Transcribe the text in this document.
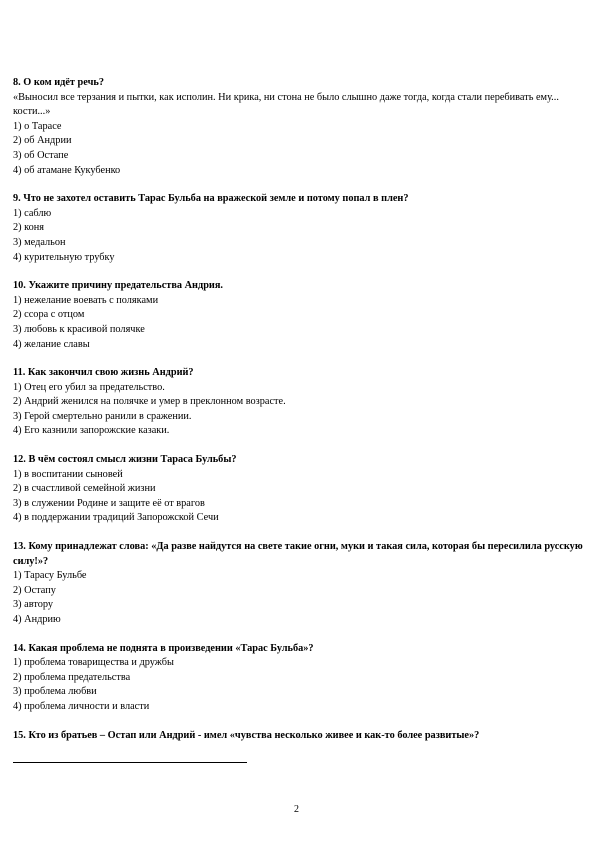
8. О ком идёт речь?

«Выносил все терзания и пытки, как исполин. Ни крика, ни стона не было слышно даже тогда, когда стали перебивать ему... кости...»

1) о Тарасе
2) об Андрии
3) об Остапе
4) об атамане Кукубенко

9. Что не захотел оставить Тарас Бульба на вражеской земле и потому попал в плен?

1) саблю
2) коня
3) медальон
4) курительную трубку

10. Укажите причину предательства Андрия.

1) нежелание воевать с поляками
2) ссора с отцом
3) любовь к красивой полячке
4) желание славы

11. Как закончил свою жизнь Андрий?

1) Отец его убил за предательство.
2) Андрий женился на полячке и умер в преклонном возрасте.
3) Герой смертельно ранили в сражении.
4) Его казнили запорожские казаки.

12. В чём состоял смысл жизни Тараса Бульбы?

1) в воспитании сыновей
2) в счастливой семейной жизни
3) в служении Родине и защите её от врагов
4) в поддержании традиций Запорожской Сечи

13. Кому принадлежат слова: «Да разве найдутся на свете такие огни, муки и такая сила, которая бы пересилила русскую силу!»?

1) Тарасу Бульбе
2) Остапу
3) автору
4) Андрию

14. Какая проблема не поднята в произведении «Тарас Бульба»?

1) проблема товарищества и дружбы
2) проблема предательства
3) проблема любви
4) проблема личности и власти

15. Кто из братьев – Остап или Андрий - имел «чувства несколько живее и как-то более развитые»?

2
